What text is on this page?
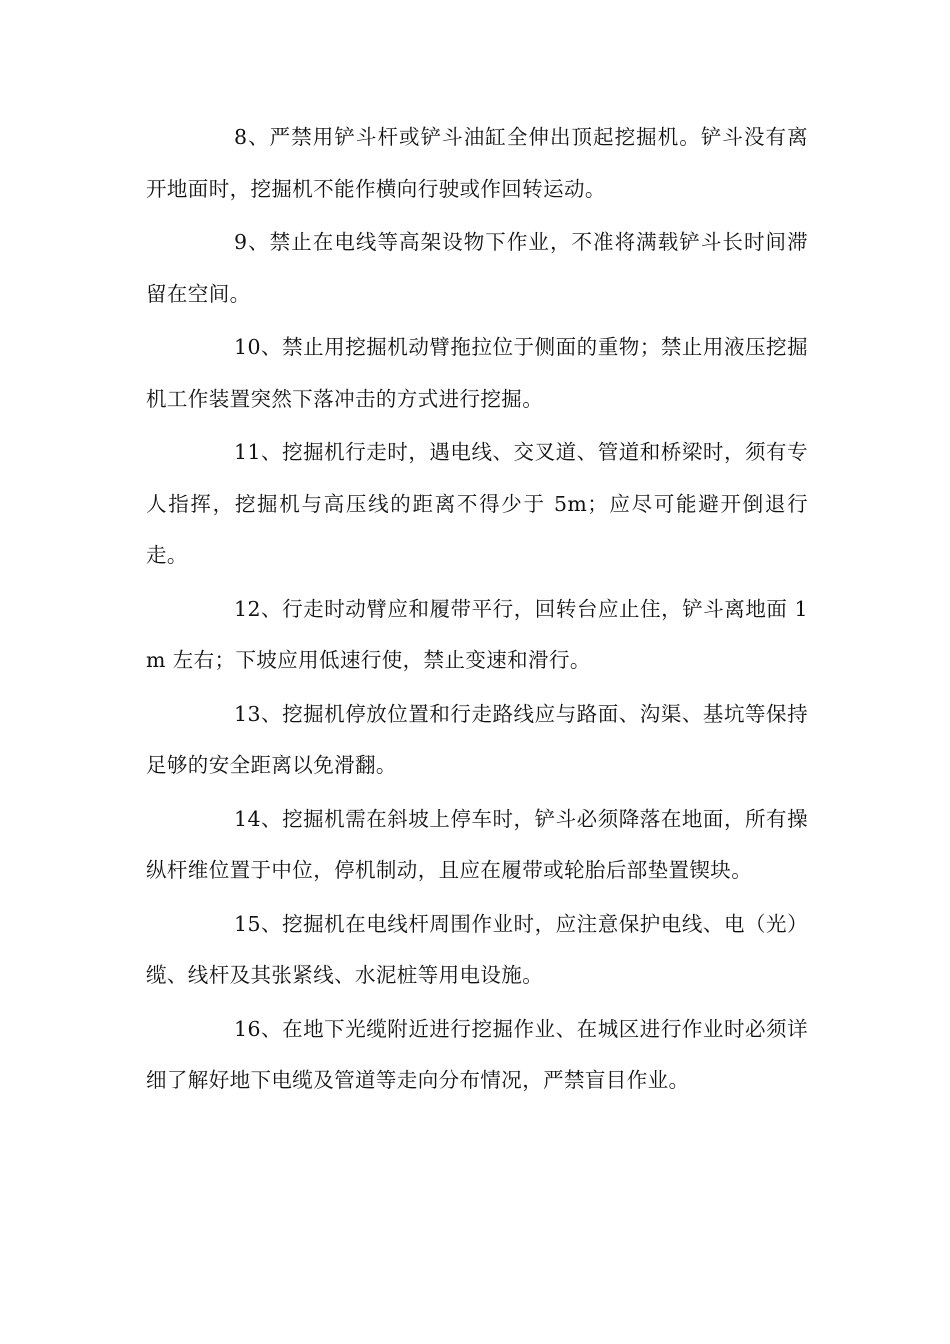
8、严禁用铲斗杆或铲斗油缸全伸出顶起挖掘机。铲斗没有离开地面时，挖掘机不能作横向行驶或作回转运动。

9、禁止在电线等高架设物下作业，不准将满载铲斗长时间滞留在空间。

10、禁止用挖掘机动臂拖拉位于侧面的重物；禁止用液压挖掘机工作装置突然下落冲击的方式进行挖掘。

11、挖掘机行走时，遇电线、交叉道、管道和桥梁时，须有专人指挥，挖掘机与高压线的距离不得少于 5m；应尽可能避开倒退行走。

12、行走时动臂应和履带平行，回转台应止住，铲斗离地面 1m 左右；下坡应用低速行使，禁止变速和滑行。

13、挖掘机停放位置和行走路线应与路面、沟渠、基坑等保持足够的安全距离以免滑翻。

14、挖掘机需在斜坡上停车时，铲斗必须降落在地面，所有操纵杆维位置于中位，停机制动，且应在履带或轮胎后部垫置锲块。

15、挖掘机在电线杆周围作业时，应注意保护电线、电（光）缆、线杆及其张紧线、水泥桩等用电设施。

16、在地下光缆附近进行挖掘作业、在城区进行作业时必须详细了解好地下电缆及管道等走向分布情况，严禁盲目作业。
